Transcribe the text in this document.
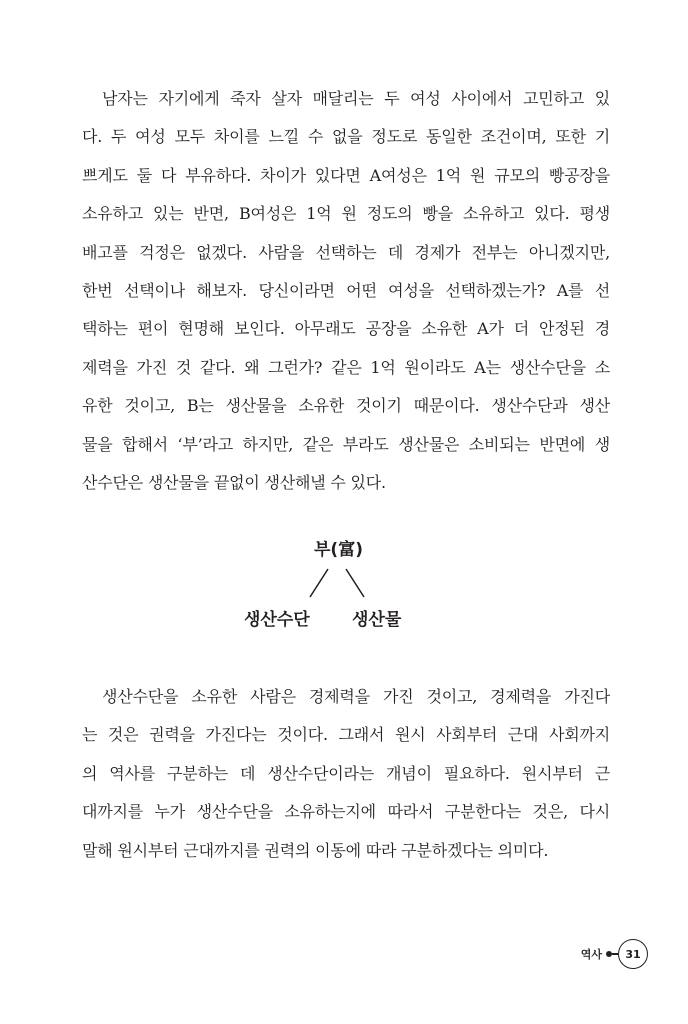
남자는 자기에게 죽자 살자 매달리는 두 여성 사이에서 고민하고 있
다. 두 여성 모두 차이를 느낄 수 없을 정도로 동일한 조건이며, 또한 기
쁘게도 둘 다 부유하다. 차이가 있다면 A여성은 1억 원 규모의 빵공장을
소유하고 있는 반면, B여성은 1억 원 정도의 빵을 소유하고 있다. 평생
배고플 걱정은 없겠다. 사람을 선택하는 데 경제가 전부는 아니겠지만,
한번 선택이나 해보자. 당신이라면 어떤 여성을 선택하겠는가? A를 선
택하는 편이 현명해 보인다. 아무래도 공장을 소유한 A가 더 안정된 경
제력을 가진 것 같다. 왜 그런가? 같은 1억 원이라도 A는 생산수단을 소
유한 것이고, B는 생산물을 소유한 것이기 때문이다. 생산수단과 생산
물을 합해서 ‘부’라고 하지만, 같은 부라도 생산물은 소비되는 반면에 생
산수단은 생산물을 끝없이 생산해낼 수 있다.
부(富)
생산수단 생산물
생산수단을 소유한 사람은 경제력을 가진 것이고, 경제력을 가진다
는 것은 권력을 가진다는 것이다. 그래서 원시 사회부터 근대 사회까지
의 역사를 구분하는 데 생산수단이라는 개념이 필요하다. 원시부터 근
대까지를 누가 생산수단을 소유하는지에 따라서 구분한다는 것은, 다시
말해 원시부터 근대까지를 권력의 이동에 따라 구분하겠다는 의미다.
역사	31
